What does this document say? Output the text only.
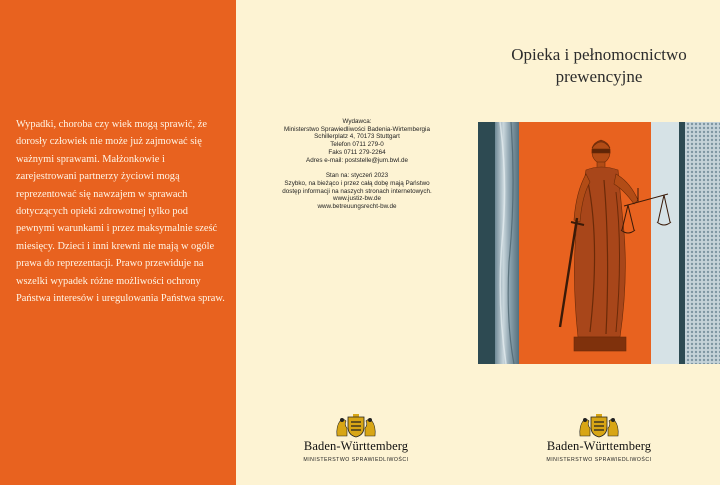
Wypadki, choroba czy wiek mogą sprawić, że dorosły człowiek nie może już zajmować się ważnymi sprawami. Małżonkowie i zarejestrowani partnerzy życiowi mogą reprezentować się nawzajem w sprawach dotyczących opieki zdrowotnej tylko pod pewnymi warunkami i przez maksymalnie sześć miesięcy. Dzieci i inni krewni nie mają w ogóle prawa do reprezentacji. Prawo przewiduje na wszelki wypadek różne możliwości ochrony Państwa interesów i uregulowania Państwa spraw.
Wydawca:
Ministerstwo Sprawiedliwości Badenia-Wirtembergia
Schillerplatz 4, 70173 Stuttgart
Telefon 0711 279-0
Faks 0711 279-2264
Adres e-mail: poststelle@jum.bwl.de
Stan na: styczeń 2023
Szybko, na bieżąco i przez całą dobę mają Państwo
dostęp informacji na naszych stronach internetowych.
www.justiz-bw.de
www.betreuungsrecht-bw.de
Baden-Württemberg
MINISTERSTWO SPRAWIEDLIWOŚCI
Opieka i pełnomocnictwo
prewencyjne
Baden-Württemberg
MINISTERSTWO SPRAWIEDLIWOŚCI
